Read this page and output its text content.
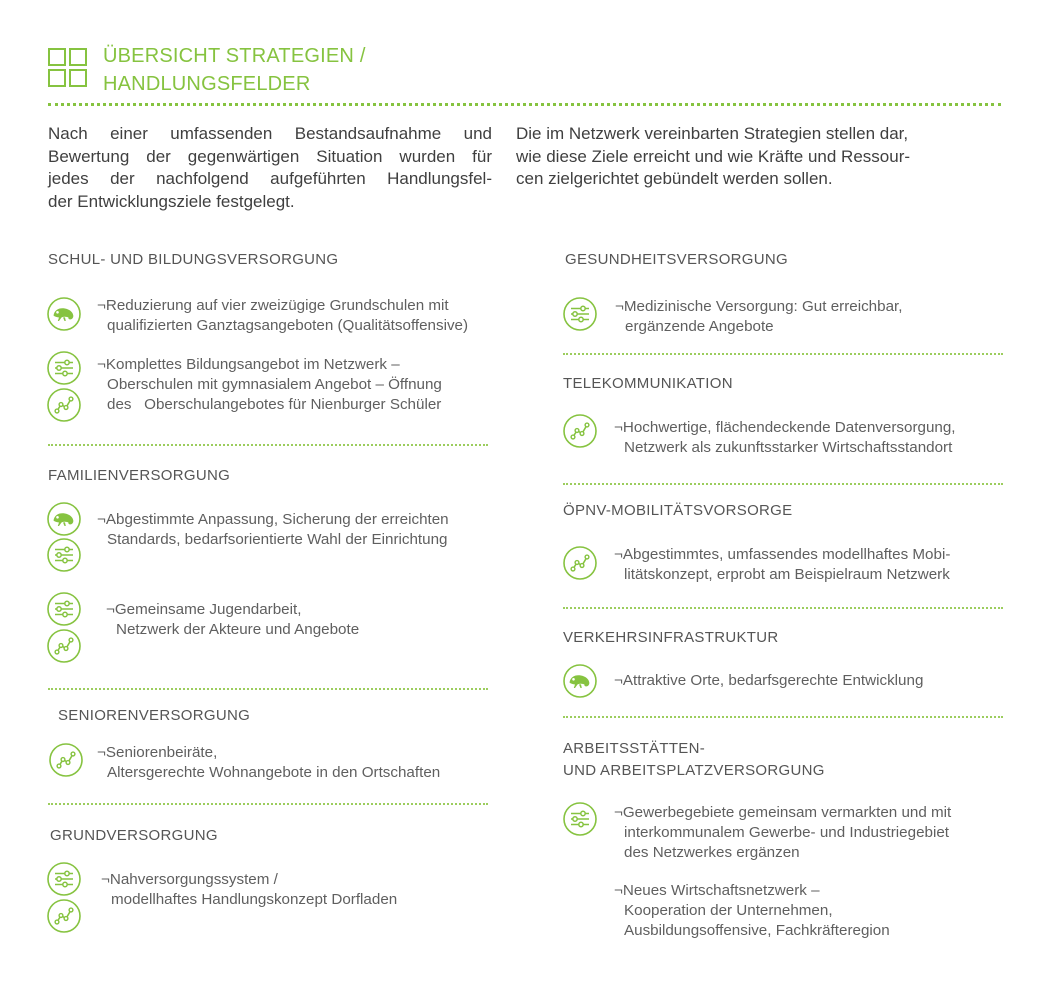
ÜBERSICHT STRATEGIEN /
HANDLUNGSFELDER
Nach einer umfassenden Bestandsaufnahme und
Bewertung der gegenwärtigen Situation wurden für
jedes der nachfolgend aufgeführten Handlungsfel-
der Entwicklungsziele festgelegt.
Die im Netzwerk vereinbarten Strategien stellen dar,
wie diese Ziele erreicht und wie Kräfte und Ressour-
cen zielgerichtet gebündelt werden sollen.
SCHUL- UND BILDUNGSVERSORGUNG
¬Reduzierung auf vier zweizügige Grundschulen mit
qualifizierten Ganztagsangeboten (Qualitätsoffensive)
¬Komplettes Bildungsangebot im Netzwerk –
Oberschulen mit gymnasialem Angebot – Öffnung
des   Oberschulangebotes für Nienburger Schüler
FAMILIENVERSORGUNG
¬Abgestimmte Anpassung, Sicherung der erreichten
Standards, bedarfsorientierte Wahl der Einrichtung
¬Gemeinsame Jugendarbeit,
Netzwerk der Akteure und Angebote
SENIORENVERSORGUNG
¬Seniorenbeiräte,
Altersgerechte Wohnangebote in den Ortschaften
GRUNDVERSORGUNG
¬Nahversorgungssystem /
modellhaftes Handlungskonzept Dorfladen
GESUNDHEITSVERSORGUNG
¬Medizinische Versorgung: Gut erreichbar,
ergänzende Angebote
TELEKOMMUNIKATION
¬Hochwertige, flächendeckende Datenversorgung,
Netzwerk als zukunftsstarker Wirtschaftsstandort
ÖPNV-MOBILITÄTSVORSORGE
¬Abgestimmtes, umfassendes modellhaftes Mobi-
litätskonzept, erprobt am Beispielraum Netzwerk
VERKEHRSINFRASTRUKTUR
¬Attraktive Orte, bedarfsgerechte Entwicklung
ARBEITSSTÄTTEN-
UND ARBEITSPLATZVERSORGUNG
¬Gewerbegebiete gemeinsam vermarkten und mit
interkommunalem Gewerbe- und Industriegebiet
des Netzwerkes ergänzen
¬Neues Wirtschaftsnetzwerk –
Kooperation der Unternehmen,
Ausbildungsoffensive, Fachkräfteregion
